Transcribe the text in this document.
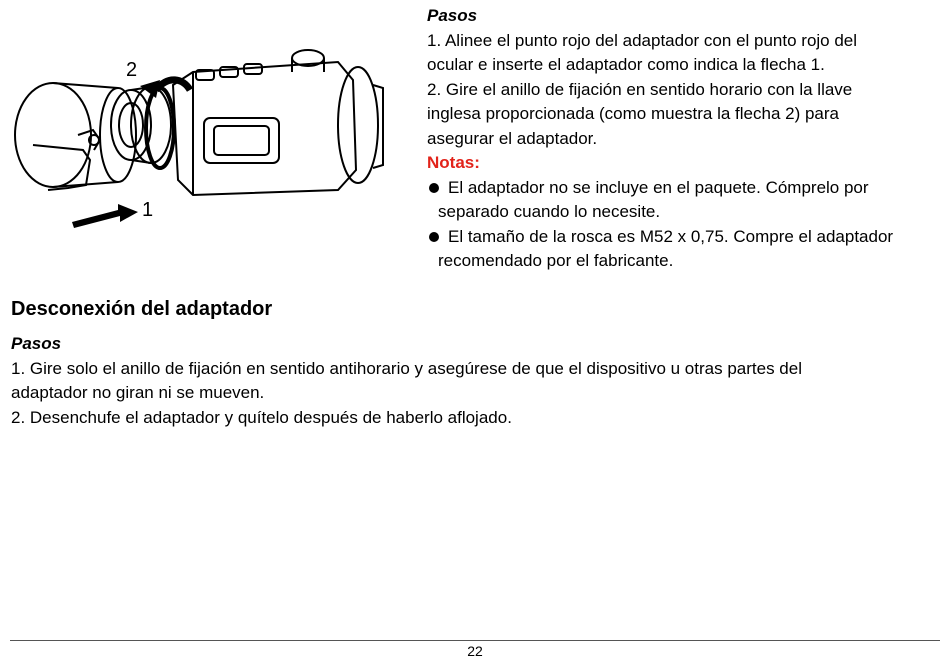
2
1
Pasos
1. Alinee el punto rojo del adaptador con el punto rojo del
ocular e inserte el adaptador como indica la flecha 1.
2. Gire el anillo de fijación en sentido horario con la llave
inglesa proporcionada (como muestra la flecha 2) para
asegurar el adaptador.
Notas:
El adaptador no se incluye en el paquete. Cómprelo por
separado cuando lo necesite.
El tamaño de la rosca es M52 x 0,75. Compre el adaptador
recomendado por el fabricante.
Desconexión del adaptador
Pasos
1. Gire solo el anillo de fijación en sentido antihorario y asegúrese de que el dispositivo u otras partes del
adaptador no giran ni se mueven.
2. Desenchufe el adaptador y quítelo después de haberlo aflojado.
22
